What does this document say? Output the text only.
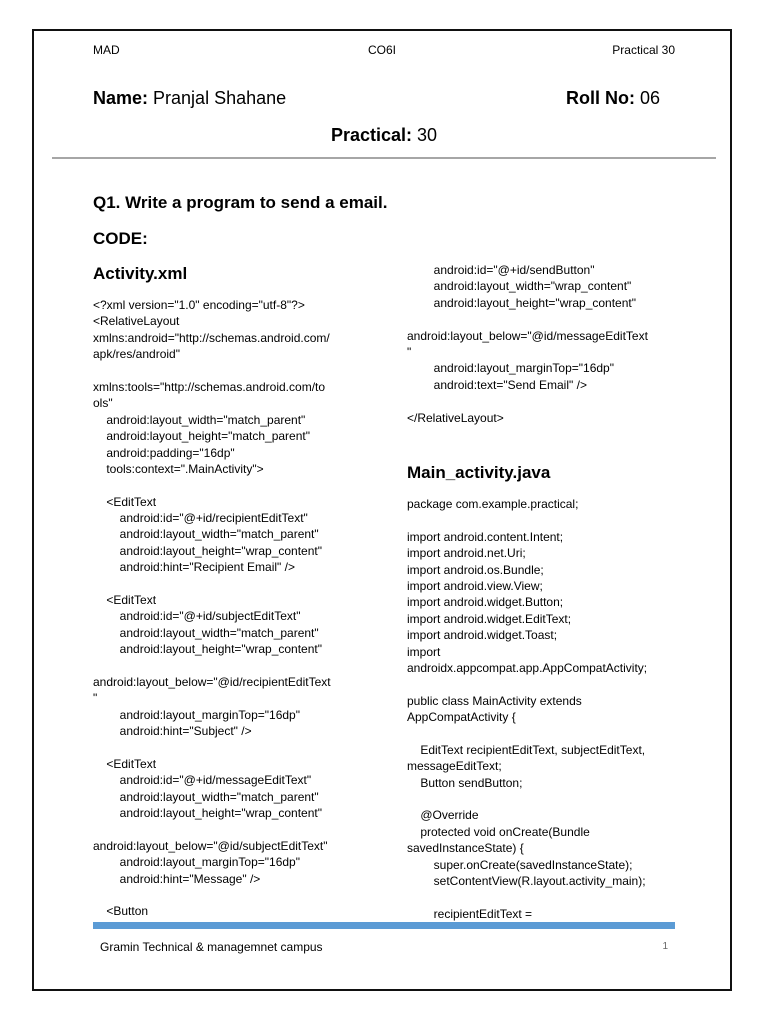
MAD	CO6I	Practical 30
Name: Pranjal Shahane	Roll No: 06
Practical: 30
Q1. Write a program to send a email.
CODE:
Activity.xml
<?xml version="1.0" encoding="utf-8"?>
<RelativeLayout
xmlns:android="http://schemas.android.com/
apk/res/android"
xmlns:tools="http://schemas.android.com/to
ols"
android:layout_width="match_parent"
android:layout_height="match_parent"
android:padding="16dp"
tools:context=".MainActivity">
<EditText
android:id="@+id/recipientEditText"
android:layout_width="match_parent"
android:layout_height="wrap_content"
android:hint="Recipient Email" />
<EditText
android:id="@+id/subjectEditText"
android:layout_width="match_parent"
android:layout_height="wrap_content"
android:layout_below="@id/recipientEditText
"
android:layout_marginTop="16dp"
android:hint="Subject" />
<EditText
android:id="@+id/messageEditText"
android:layout_width="match_parent"
android:layout_height="wrap_content"
android:layout_below="@id/subjectEditText"
android:layout_marginTop="16dp"
android:hint="Message" />
<Button
android:id="@+id/sendButton"
android:layout_width="wrap_content"
android:layout_height="wrap_content"
android:layout_below="@id/messageEditText
"
android:layout_marginTop="16dp"
android:text="Send Email" />
</RelativeLayout>
Main_activity.java
package com.example.practical;
import android.content.Intent;
import android.net.Uri;
import android.os.Bundle;
import android.view.View;
import android.widget.Button;
import android.widget.EditText;
import android.widget.Toast;
import
androidx.appcompat.app.AppCompatActivity;
public class MainActivity extends
AppCompatActivity {
EditText recipientEditText, subjectEditText,
messageEditText;
Button sendButton;
@Override
protected void onCreate(Bundle
savedInstanceState) {
super.onCreate(savedInstanceState);
setContentView(R.layout.activity_main);
recipientEditText =
Gramin Technical & managemnet campus	1
